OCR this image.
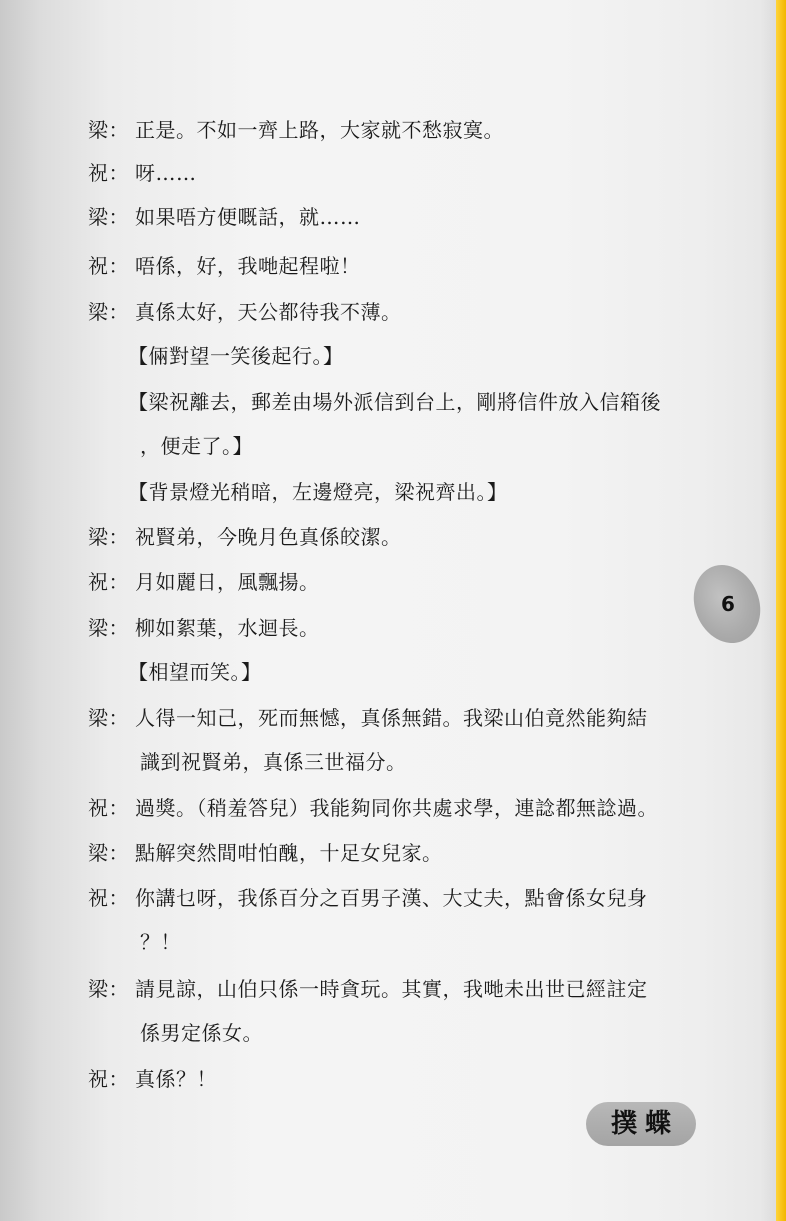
梁： 正是。不如一齊上路，大家就不愁寂寞。
祝： 呀……
梁： 如果唔方便嘅話，就……
祝： 唔係，好，我哋起程啦！
梁： 真係太好，天公都待我不薄。
【倆對望一笑後起行。】
【梁祝離去，郵差由場外派信到台上，剛將信件放入信箱後
，便走了。】
【背景燈光稍暗，左邊燈亮，梁祝齊出。】
梁： 祝賢弟，今晚月色真係皎潔。
祝： 月如麗日，風飄揚。
梁： 柳如絮葉，水迴長。
【相望而笑。】
梁： 人得一知己，死而無憾，真係無錯。我梁山伯竟然能夠結
識到祝賢弟，真係三世福分。
祝： 過獎。（稍羞答兒）我能夠同你共處求學，連諗都無諗過。
梁： 點解突然間咁怕醜，十足女兒家。
祝： 你講乜呀，我係百分之百男子漢、大丈夫，點會係女兒身
？！
梁： 請見諒，山伯只係一時貪玩。其實，我哋未出世已經註定
係男定係女。
祝： 真係？！
6
撲蝶
